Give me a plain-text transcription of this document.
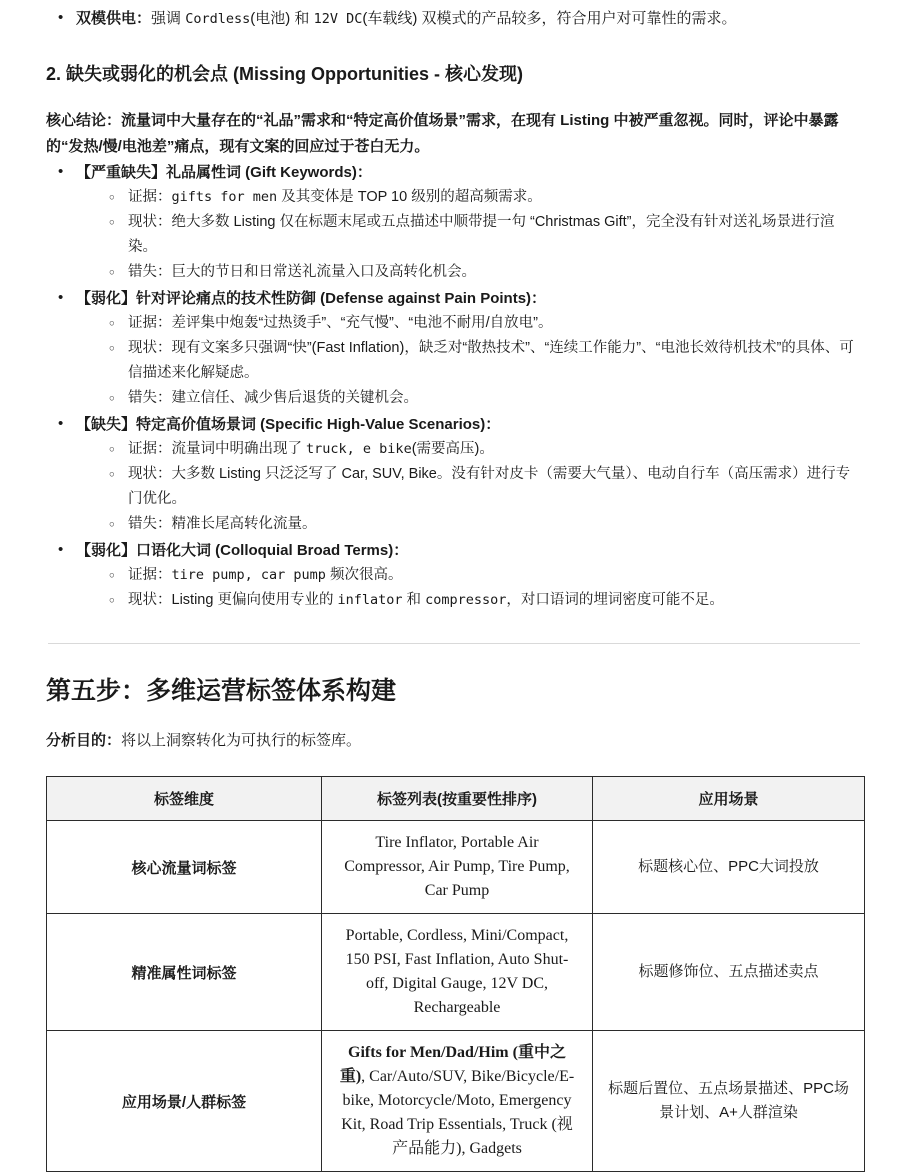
• 双模供电：强调 Cordless(电池) 和 12V DC(车载线) 双模式的产品较多，符合用户对可靠性的需求。
2. 缺失或弱化的机会点 (Missing Opportunities - 核心发现)
核心结论：流量词中大量存在的“礼品”需求和“特定高价值场景”需求，在现有 Listing 中被严重忽视。同时，评论中暴露的“发热/慢/电池差”痛点，现有文案的回应过于苍白无力。
• 【严重缺失】礼品属性词 (Gift Keywords)：
○ 证据：gifts for men 及其变体是 TOP 10 级别的超高频需求。
○ 现状：绝大多数 Listing 仅在标题末尾或五点描述中顺带提一句 “Christmas Gift”，完全没有针对送礼场景进行渲染。
○ 错失：巨大的节日和日常送礼流量入口及高转化机会。
• 【弱化】针对评论痛点的技术性防御 (Defense against Pain Points)：
○ 证据：差评集中炮轰“过热烫手”、“充气慢”、“电池不耐用/自放电”。
○ 现状：现有文案多只强调“快”(Fast Inflation)，缺乏对“散热技术”、“连续工作能力”、“电池长效待机技术”的具体、可信描述来化解疑虑。
○ 错失：建立信任、减少售后退货的关键机会。
• 【缺失】特定高价值场景词 (Specific High-Value Scenarios)：
○ 证据：流量词中明确出现了 truck, e bike(需要高压)。
○ 现状：大多数 Listing 只泛泛写了 Car, SUV, Bike。没有针对皮卡（需要大气量）、电动自行车（高压需求）进行专门优化。
○ 错失：精准长尾高转化流量。
• 【弱化】口语化大词 (Colloquial Broad Terms)：
○ 证据：tire pump, car pump 频次很高。
○ 现状：Listing 更偏向使用专业的 inflator 和 compressor，对口语词的埋词密度可能不足。
第五步：多维运营标签体系构建
分析目的：将以上洞察转化为可执行的标签库。
标签维度	标签列表(按重要性排序)	应用场景
核心流量词标签	Tire Inflator, Portable Air Compressor, Air Pump, Tire Pump, Car Pump	标题核心位、PPC大词投放
精准属性词标签	Portable, Cordless, Mini/Compact, 150 PSI, Fast Inflation, Auto Shut-off, Digital Gauge, 12V DC, Rechargeable	标题修饰位、五点描述卖点
应用场景/人群标签	Gifts for Men/Dad/Him (重中之重), Car/Auto/SUV, Bike/Bicycle/E-bike, Motorcycle/Moto, Emergency Kit, Road Trip Essentials, Truck (视产品能力), Gadgets	标题后置位、五点场景描述、PPC场景计划、A+人群渲染
